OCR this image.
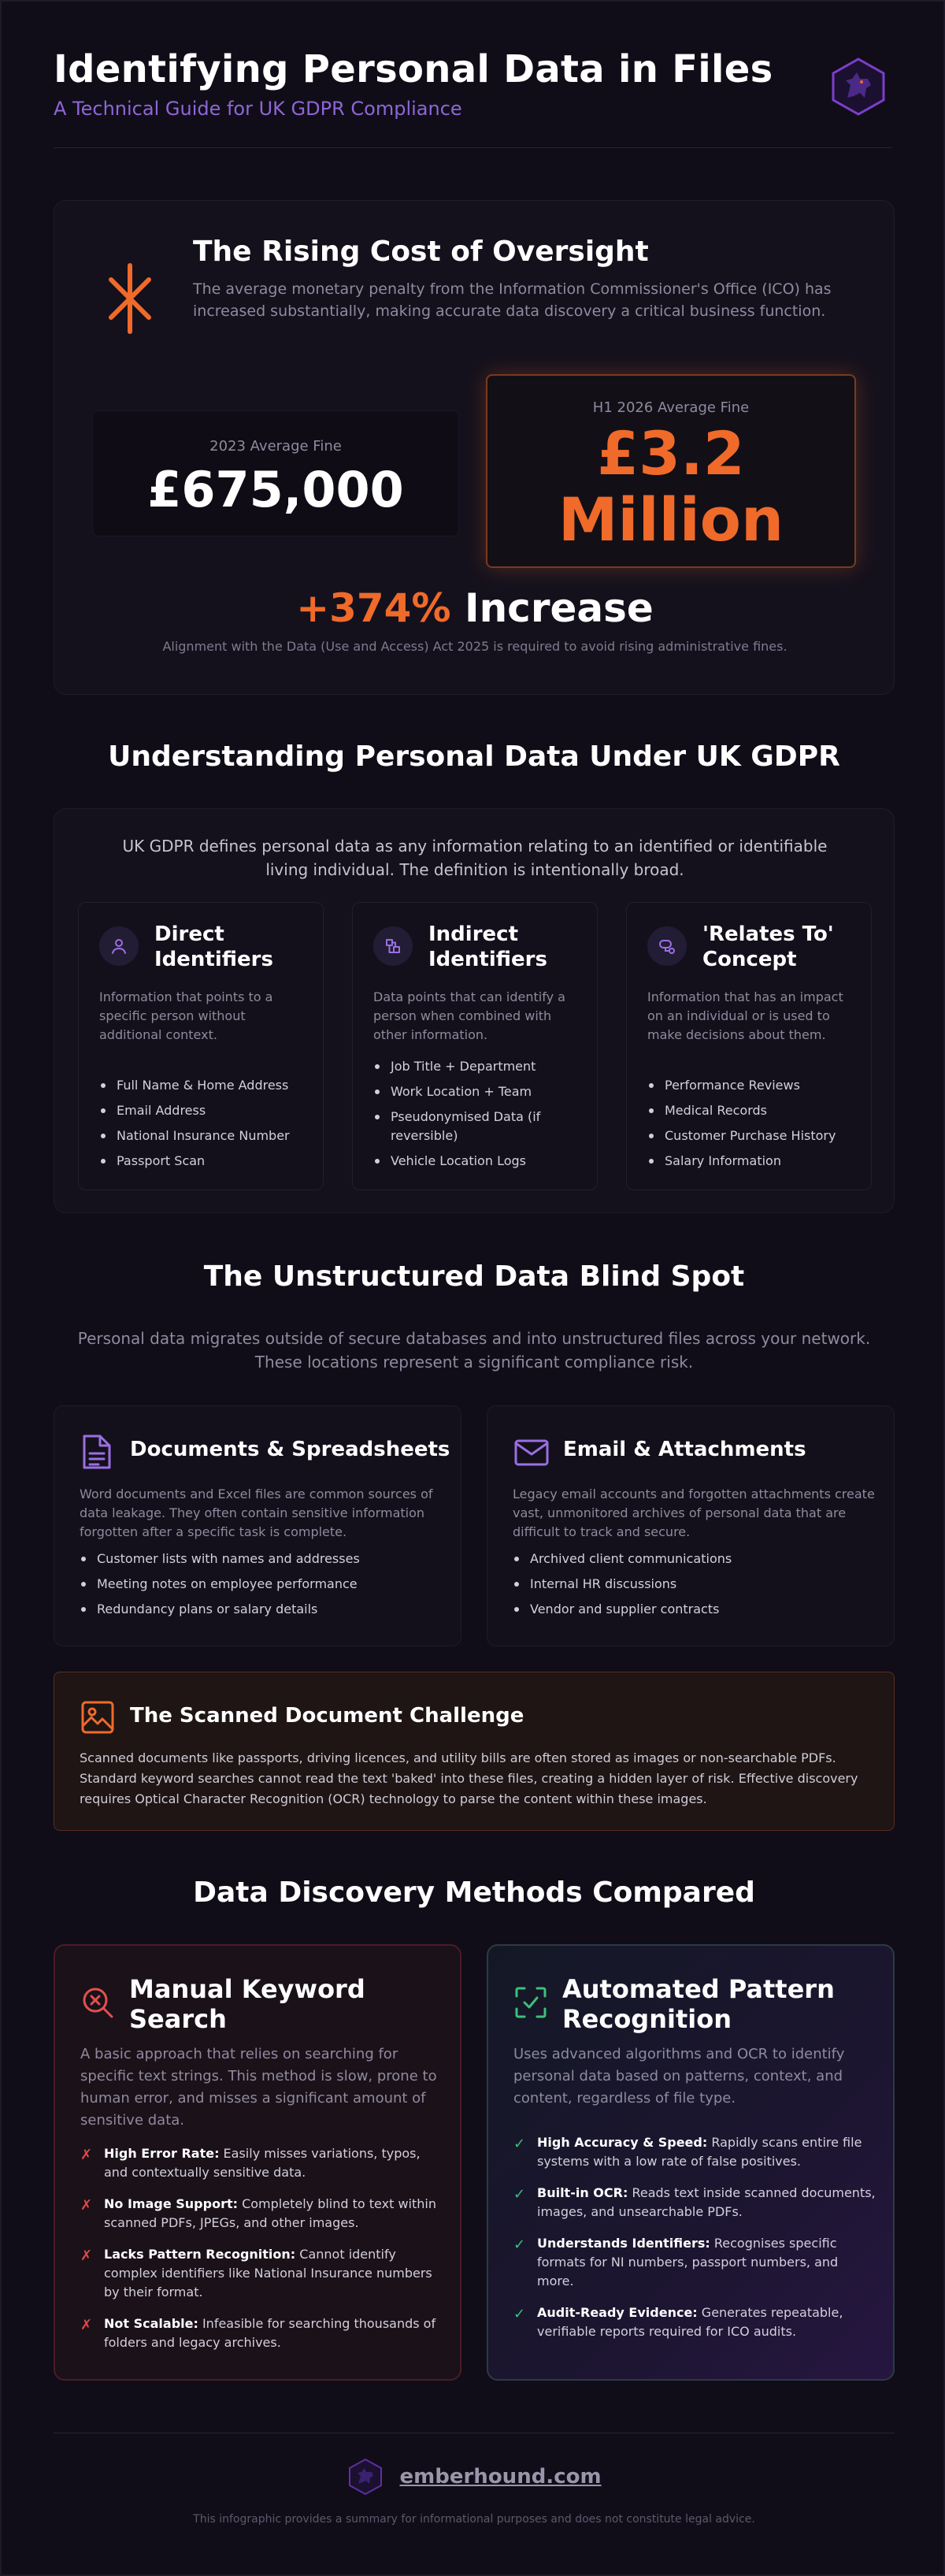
Identifying Personal Data in Files
A Technical Guide for UK GDPR Compliance
The Rising Cost of Oversight

The average monetary penalty from the Information Commissioner's Office (ICO) has increased substantially, making accurate data discovery a critical business function.

2023 Average Fine
£675,000
H1 2026 Average Fine
£3.2
Million
+374% Increase
Alignment with the Data (Use and Access) Act 2025 is required to avoid rising administrative fines.
Understanding Personal Data Under UK GDPR

UK GDPR defines personal data as any information relating to an identified or identifiable living individual. The definition is intentionally broad.

Direct Identifiers

Information that points to a specific person without additional context.

Full Name & Home Address
Email Address
National Insurance Number
Passport Scan
Indirect Identifiers

Data points that can identify a person when combined with other information.

Job Title + Department
Work Location + Team
Pseudonymised Data (if reversible)
Vehicle Location Logs
'Relates To' Concept

Information that has an impact on an individual or is used to make decisions about them.

Performance Reviews
Medical Records
Customer Purchase History
Salary Information
The Unstructured Data Blind Spot

Personal data migrates outside of secure databases and into unstructured files across your network. These locations represent a significant compliance risk.

Documents & Spreadsheets

Word documents and Excel files are common sources of data leakage. They often contain sensitive information forgotten after a specific task is complete.

Customer lists with names and addresses
Meeting notes on employee performance
Redundancy plans or salary details
Email & Attachments

Legacy email accounts and forgotten attachments create vast, unmonitored archives of personal data that are difficult to track and secure.

Archived client communications
Internal HR discussions
Vendor and supplier contracts
The Scanned Document Challenge

Scanned documents like passports, driving licences, and utility bills are often stored as images or non-searchable PDFs. Standard keyword searches cannot read the text 'baked' into these files, creating a hidden layer of risk. Effective discovery requires Optical Character Recognition (OCR) technology to parse the content within these images.

Data Discovery Methods Compared
Manual Keyword Search

A basic approach that relies on searching for specific text strings. This method is slow, prone to human error, and misses a significant amount of sensitive data.

✗ High Error Rate: Easily misses variations, typos, and contextually sensitive data.
✗ No Image Support: Completely blind to text within scanned PDFs, JPEGs, and other images.
✗ Lacks Pattern Recognition: Cannot identify complex identifiers like National Insurance numbers by their format.
✗ Not Scalable: Infeasible for searching thousands of folders and legacy archives.
Automated Pattern Recognition

Uses advanced algorithms and OCR to identify personal data based on patterns, context, and content, regardless of file type.

✓ High Accuracy & Speed: Rapidly scans entire file systems with a low rate of false positives.
✓ Built-in OCR: Reads text inside scanned documents, images, and unsearchable PDFs.
✓ Understands Identifiers: Recognises specific formats for NI numbers, passport numbers, and more.
✓ Audit-Ready Evidence: Generates repeatable, verifiable reports required for ICO audits.
emberhound.com
This infographic provides a summary for informational purposes and does not constitute legal advice.
